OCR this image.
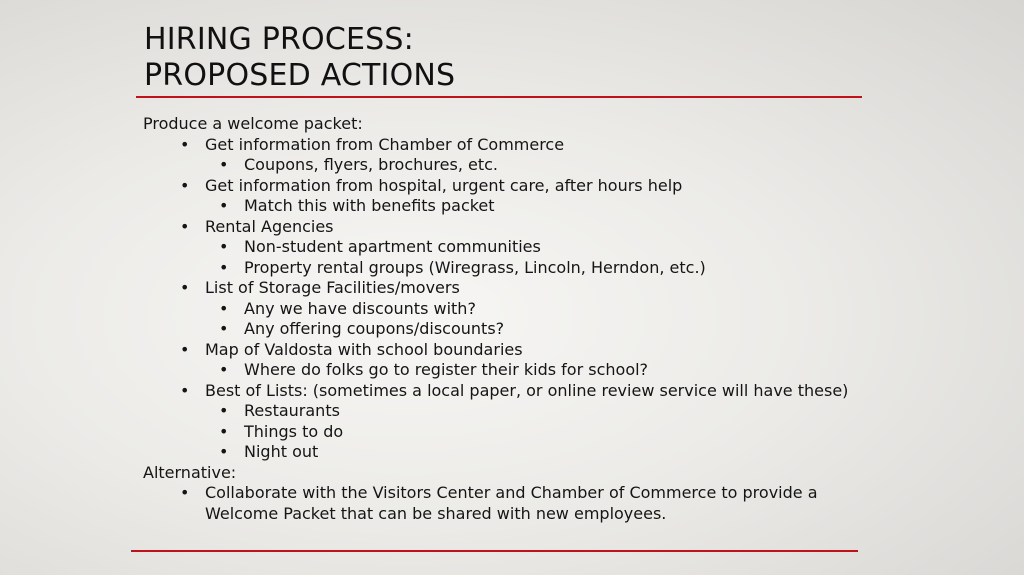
HIRING PROCESS:
PROPOSED ACTIONS
Produce a welcome packet:
• Get information from Chamber of Commerce
• Coupons, flyers, brochures, etc.
• Get information from hospital, urgent care, after hours help
• Match this with benefits packet
• Rental Agencies
• Non-student apartment communities
• Property rental groups (Wiregrass, Lincoln, Herndon, etc.)
• List of Storage Facilities/movers
• Any we have discounts with?
• Any offering coupons/discounts?
• Map of Valdosta with school boundaries
• Where do folks go to register their kids for school?
• Best of Lists: (sometimes a local paper, or online review service will have these)
• Restaurants
• Things to do
• Night out
Alternative:
• Collaborate with the Visitors Center and Chamber of Commerce to provide a Welcome Packet that can be shared with new employees.
